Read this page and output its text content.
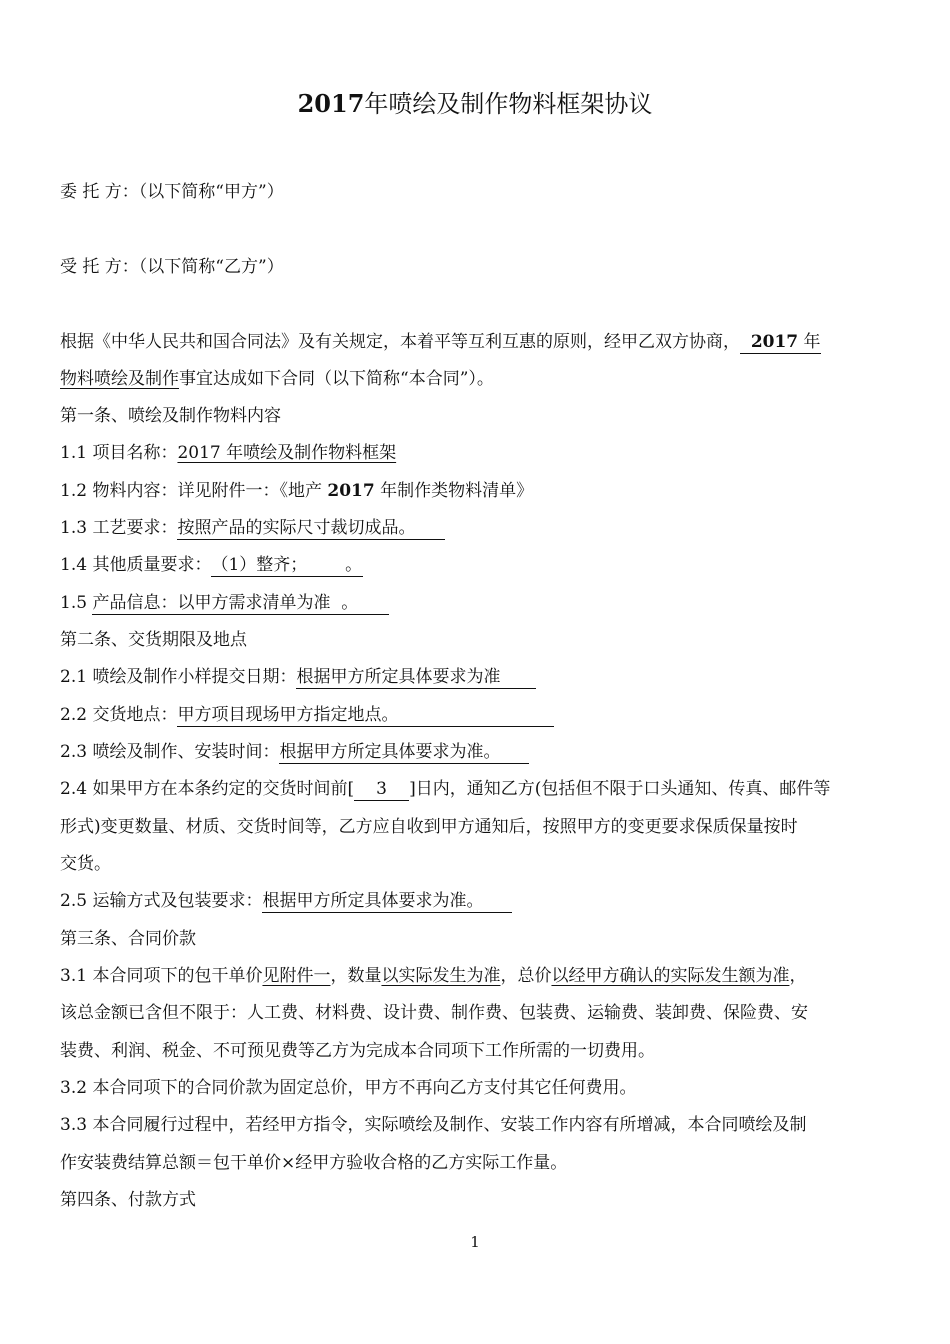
2017年喷绘及制作物料框架协议

委 托 方：（以下简称“甲方”）

受 托 方：（以下简称“乙方”）

根据《中华人民共和国合同法》及有关规定，本着平等互利互惠的原则，经甲乙双方协商， 2017 年

物料喷绘及制作事宜达成如下合同（以下简称“本合同”）。

第一条、喷绘及制作物料内容

1.1 项目名称：2017 年喷绘及制作物料框架

1.2 物料内容：详见附件一：《地产 2017 年制作类物料清单》

1.3 工艺要求：按照产品的实际尺寸裁切成品。

1.4 其他质量要求：（1）整齐；       。

1.5 产品信息：以甲方需求清单为准  。

第二条、交货期限及地点

2.1 喷绘及制作小样提交日期：根据甲方所定具体要求为准

2.2 交货地点：甲方项目现场甲方指定地点。

2.3 喷绘及制作、安装时间：根据甲方所定具体要求为准。

2.4 如果甲方在本条约定的交货时间前[ 3 ]日内，通知乙方(包括但不限于口头通知、传真、邮件等

形式)变更数量、材质、交货时间等，乙方应自收到甲方通知后，按照甲方的变更要求保质保量按时

交货。

2.5 运输方式及包装要求：根据甲方所定具体要求为准。

第三条、合同价款

3.1 本合同项下的包干单价见附件一，数量以实际发生为准，总价以经甲方确认的实际发生额为准，

该总金额已含但不限于：人工费、材料费、设计费、制作费、包装费、运输费、装卸费、保险费、安

装费、利润、税金、不可预见费等乙方为完成本合同项下工作所需的一切费用。

3.2 本合同项下的合同价款为固定总价，甲方不再向乙方支付其它任何费用。

3.3 本合同履行过程中，若经甲方指令，实际喷绘及制作、安装工作内容有所增减，本合同喷绘及制

作安装费结算总额＝包干单价×经甲方验收合格的乙方实际工作量。

第四条、付款方式

1
